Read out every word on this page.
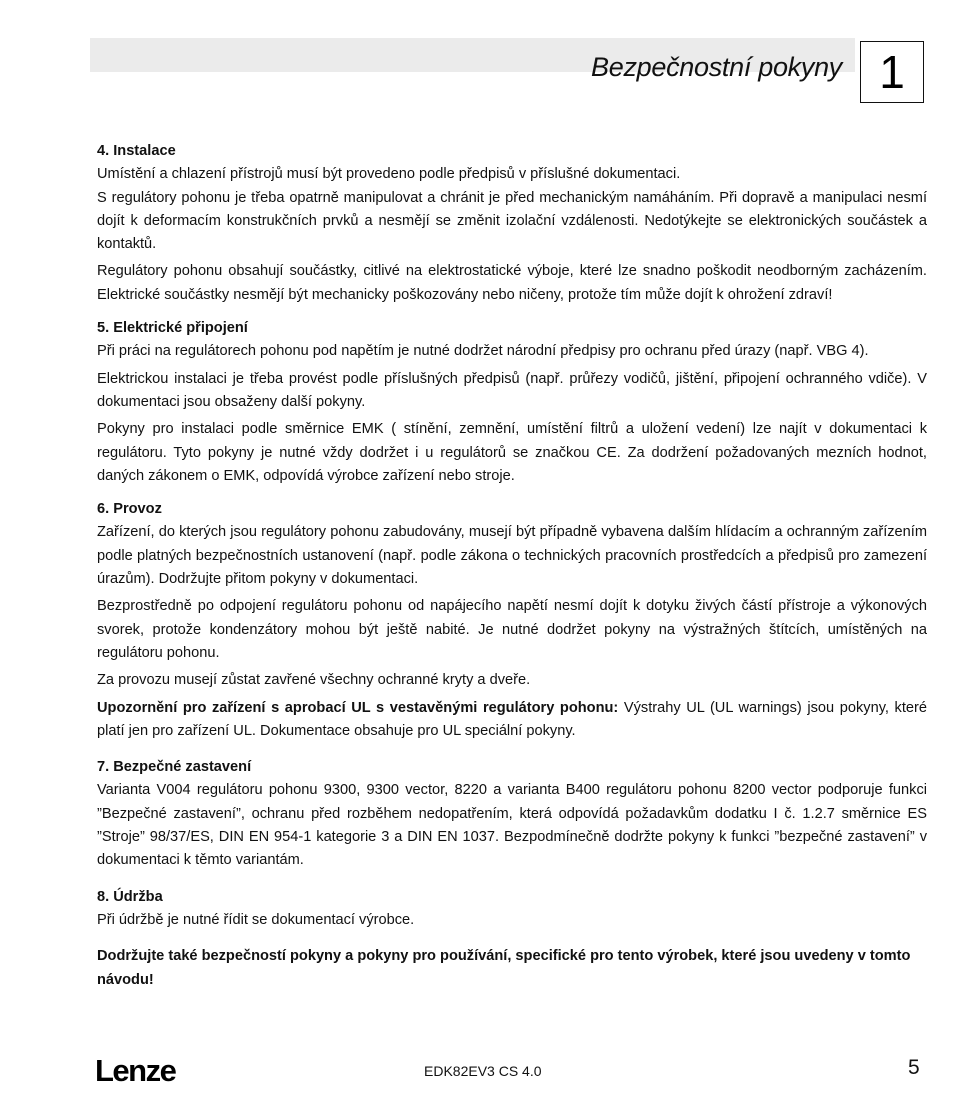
Bezpečnostní pokyny 1
4. Instalace

Umístění a chlazení přístrojů musí být provedeno podle předpisů v příslušné dokumentaci.

S regulátory pohonu je třeba opatrně manipulovat a chránit je před mechanickým namáháním. Při dopravě a manipulaci nesmí dojít k deformacím konstrukčních prvků a nesmějí se změnit izolační vzdálenosti. Nedotýkejte se elektronických součástek a kontaktů.

Regulátory pohonu obsahují součástky, citlivé na elektrostatické výboje, které lze snadno poškodit neodborným zacházením. Elektrické součástky nesmějí být mechanicky poškozovány nebo ničeny, protože tím může dojít k ohrožení zdraví!

5. Elektrické připojení

Při práci na regulátorech pohonu pod napětím je nutné dodržet národní předpisy pro ochranu před úrazy (např. VBG 4).

Elektrickou instalaci je třeba provést podle příslušných předpisů (např. průřezy vodičů, jištění, připojení ochranného vdiče). V dokumentaci jsou obsaženy další pokyny.

Pokyny pro instalaci podle směrnice EMK ( stínění, zemnění, umístění filtrů a uložení vedení) lze najít v dokumentaci k regulátoru. Tyto pokyny je nutné vždy dodržet i u regulátorů se značkou CE. Za dodržení požadovaných mezních hodnot, daných zákonem o EMK, odpovídá výrobce zařízení nebo stroje.

6. Provoz

Zařízení, do kterých jsou regulátory pohonu zabudovány, musejí být případně vybavena dalším hlídacím a ochranným zařízením podle platných bezpečnostních ustanovení (např. podle zákona o technických pracovních prostředcích a předpisů pro zamezení úrazům). Dodržujte přitom pokyny v dokumentaci.

Bezprostředně po odpojení regulátoru pohonu od napájecího napětí nesmí dojít k dotyku živých částí přístroje a výkonových svorek, protože kondenzátory mohou být ještě nabité. Je nutné dodržet pokyny na výstražných štítcích, umístěných na regulátoru pohonu.

Za provozu musejí zůstat zavřené všechny ochranné kryty a dveře.

Upozornění pro zařízení s aprobací UL s vestavěnými regulátory pohonu: Výstrahy UL (UL warnings) jsou pokyny, které platí jen pro zařízení UL. Dokumentace obsahuje pro UL speciální pokyny.

7. Bezpečné zastavení

Varianta V004 regulátoru pohonu 9300, 9300 vector, 8220 a varianta B400 regulátoru pohonu 8200 vector podporuje funkci ”Bezpečné zastavení”, ochranu před rozběhem nedopatřením, která odpovídá požadavkům dodatku I č. 1.2.7 směrnice ES ”Stroje” 98/37/ES, DIN EN 954-1 kategorie 3 a DIN EN 1037. Bezpodmínečně dodržte pokyny k funkci ”bezpečné zastavení” v dokumentaci k těmto variantám.

8. Údržba

Při údržbě je nutné řídit se dokumentací výrobce.

Dodržujte také bezpečností pokyny a pokyny pro používání, specifické pro tento výrobek, které jsou uvedeny v tomto návodu!
Lenze	EDK82EV3 CS 4.0	5
